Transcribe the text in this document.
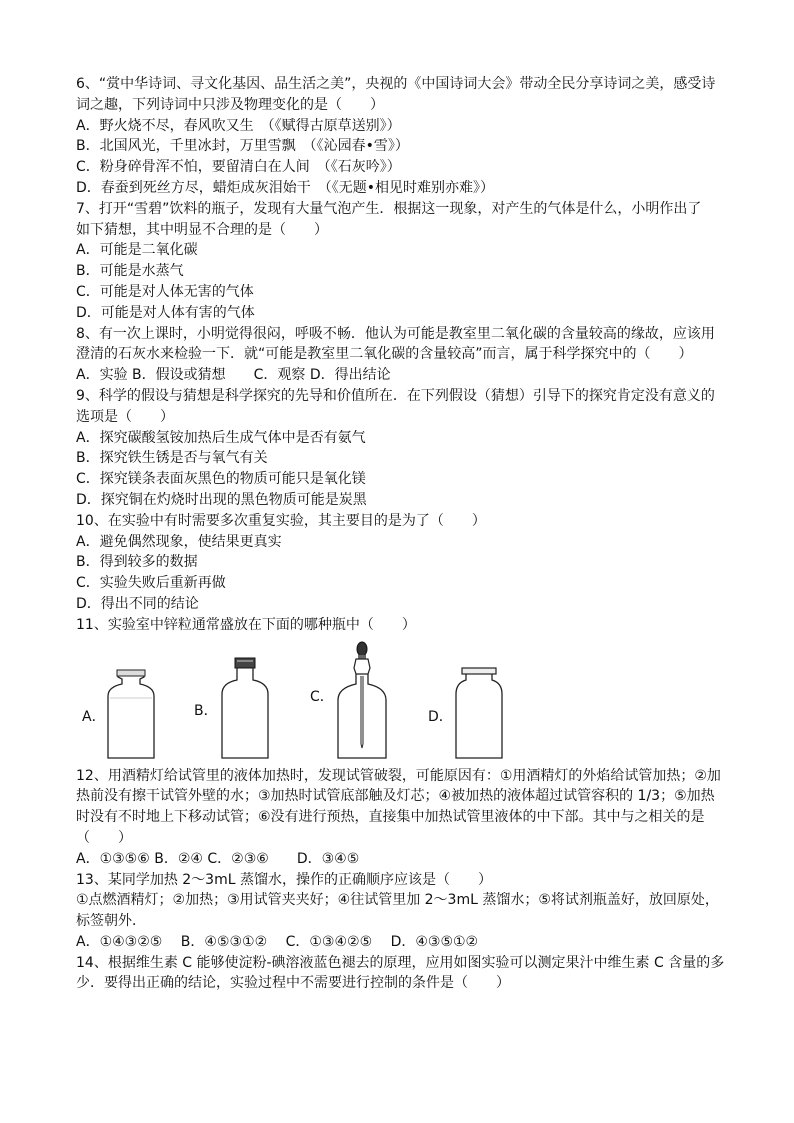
6、“赏中华诗词、寻文化基因、品生活之美”，央视的《中国诗词大会》带动全民分享诗词之美，感受诗
词之趣，下列诗词中只涉及物理变化的是（　　）
A．野火烧不尽，春风吹又生　（《赋得古原草送别》）
B．北国风光，千里冰封，万里雪飘　（《沁园春•雪》）
C．粉身碎骨浑不怕，要留清白在人间　（《石灰吟》）
D．春蚕到死丝方尽，蜡炬成灰泪始干　（《无题•相见时难别亦难》）
7、打开“雪碧”饮料的瓶子，发现有大量气泡产生．根据这一现象，对产生的气体是什么，小明作出了
如下猜想，其中明显不合理的是（　　）
A．可能是二氧化碳
B．可能是水蒸气
C．可能是对人体无害的气体
D．可能是对人体有害的气体
8、有一次上课时，小明觉得很闷，呼吸不畅．他认为可能是教室里二氧化碳的含量较高的缘故，应该用
澄清的石灰水来检验一下．就“可能是教室里二氧化碳的含量较高”而言，属于科学探究中的（　　）
A．实验 B．假设或猜想　　C．观察 D．得出结论
9、科学的假设与猜想是科学探究的先导和价值所在．在下列假设（猜想）引导下的探究肯定没有意义的
选项是（　　）
A．探究碳酸氢铵加热后生成气体中是否有氨气
B．探究铁生锈是否与氧气有关
C．探究镁条表面灰黑色的物质可能只是氧化镁
D．探究铜在灼烧时出现的黑色物质可能是炭黑
10、在实验中有时需要多次重复实验，其主要目的是为了（　　）
A．避免偶然现象，使结果更真实
B．得到较多的数据
C．实验失败后重新再做
D．得出不同的结论
11、实验室中锌粒通常盛放在下面的哪种瓶中（　　）
A．	B．
C．
D．
12、用酒精灯给试管里的液体加热时，发现试管破裂，可能原因有：①用酒精灯的外焰给试管加热；②加
热前没有擦干试管外壁的水；③加热时试管底部触及灯芯；④被加热的液体超过试管容积的 1/3；⑤加热
时没有不时地上下移动试管；⑥没有进行预热，直接集中加热试管里液体的中下部。其中与之相关的是
（　　）
A．①③⑤⑥ B．②④ C．②③⑥　　D．③④⑤
13、某同学加热 2～3mL 蒸馏水，操作的正确顺序应该是（　　）
①点燃酒精灯；②加热；③用试管夹夹好；④往试管里加 2～3mL 蒸馏水；⑤将试剂瓶盖好，放回原处，
标签朝外．
A．①④③②⑤　 B．④⑤③①②　 C．①③④②⑤　 D．④③⑤①②
14、根据维生素 C 能够使淀粉-碘溶液蓝色褪去的原理，应用如图实验可以测定果汁中维生素 C 含量的多
少．要得出正确的结论，实验过程中不需要进行控制的条件是（　　）
